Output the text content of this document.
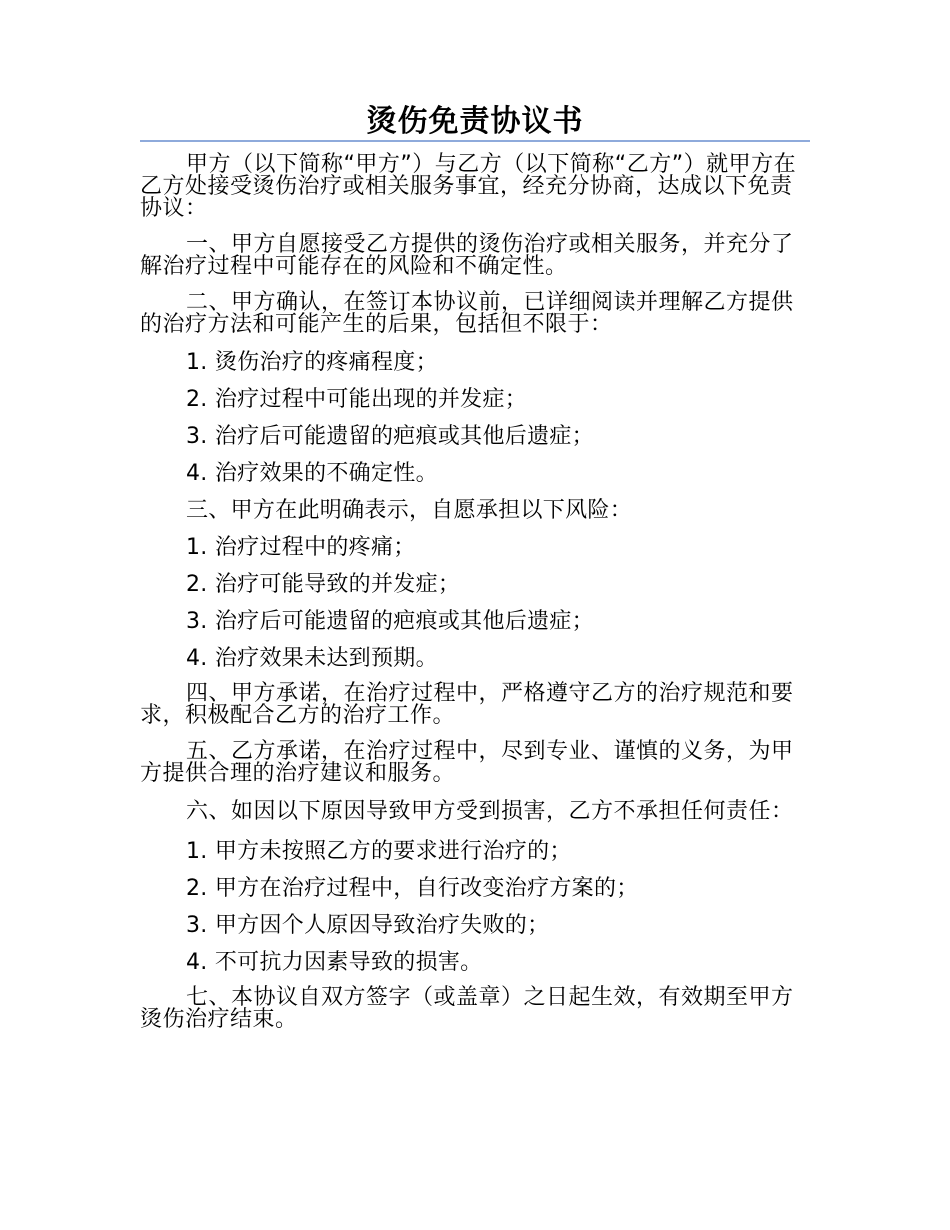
烫伤免责协议书

甲方（以下简称“甲方”）与乙方（以下简称“乙方”）就甲方在乙方处接受烫伤治疗或相关服务事宜，经充分协商，达成以下免责协议：

一、甲方自愿接受乙方提供的烫伤治疗或相关服务，并充分了解治疗过程中可能存在的风险和不确定性。

二、甲方确认，在签订本协议前，已详细阅读并理解乙方提供的治疗方法和可能产生的后果，包括但不限于：

1. 烫伤治疗的疼痛程度；
2. 治疗过程中可能出现的并发症；
3. 治疗后可能遗留的疤痕或其他后遗症；
4. 治疗效果的不确定性。
三、甲方在此明确表示，自愿承担以下风险：
1. 治疗过程中的疼痛；
2. 治疗可能导致的并发症；
3. 治疗后可能遗留的疤痕或其他后遗症；
4. 治疗效果未达到预期。

四、甲方承诺，在治疗过程中，严格遵守乙方的治疗规范和要求，积极配合乙方的治疗工作。

五、乙方承诺，在治疗过程中，尽到专业、谨慎的义务，为甲方提供合理的治疗建议和服务。

六、如因以下原因导致甲方受到损害，乙方不承担任何责任：

1. 甲方未按照乙方的要求进行治疗的；
2. 甲方在治疗过程中，自行改变治疗方案的；
3. 甲方因个人原因导致治疗失败的；
4. 不可抗力因素导致的损害。

七、本协议自双方签字（或盖章）之日起生效，有效期至甲方烫伤治疗结束。
